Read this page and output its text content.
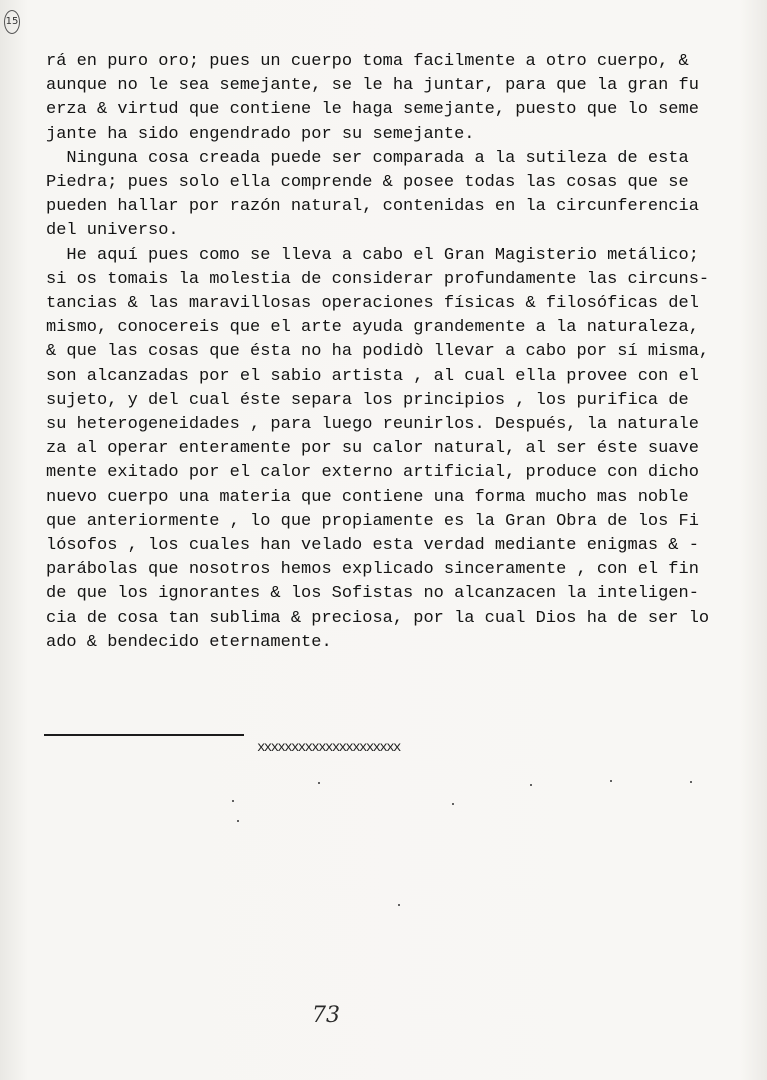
15

rá en puro oro; pues un cuerpo toma facilmente a otro cuerpo, &

aunque no le sea semejante, se le ha juntar, para que la gran fu

erza & virtud que contiene le haga semejante, puesto que lo seme

jante ha sido engendrado por su semejante.

Ninguna cosa creada puede ser comparada a la sutileza de esta

Piedra; pues solo ella comprende & posee todas las cosas que se

pueden hallar por razón natural, contenidas en la circunferencia

del universo.

He aquí pues como se lleva a cabo el Gran Magisterio metálico;

si os tomais la molestia de considerar profundamente las circuns-

tancias & las maravillosas operaciones físicas & filosóficas del

mismo, conocereis que el arte ayuda grandemente a la naturaleza,

& que las cosas que ésta no ha podidò llevar a cabo por sí misma,

son alcanzadas por el sabio artista , al cual ella provee con el

sujeto, y del cual éste separa los principios , los purifica de

su heterogeneidades , para luego reunirlos. Después, la naturale

za al operar enteramente por su calor natural, al ser éste suave

mente exitado por el calor externo artificial, produce con dicho

nuevo cuerpo una materia que contiene una forma mucho mas noble

que anteriormente , lo que propiamente es la Gran Obra de los Fi

lósofos , los cuales han velado esta verdad mediante enigmas & -

parábolas que nosotros hemos explicado sinceramente , con el fin

de que los ignorantes & los Sofistas no alcanzacen la inteligen-

cia de cosa tan sublima & preciosa, por la cual Dios ha de ser lo

ado & bendecido eternamente.

xxxxxxxxxxxxxxxxxxxxx
73
